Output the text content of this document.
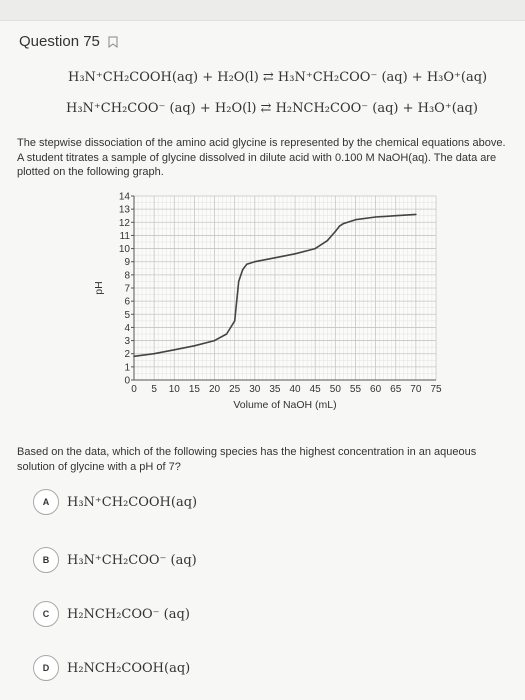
Question 75
H₃N⁺CH₂COOH(aq) + H₂O(l) ⇄ H₃N⁺CH₂COO⁻ (aq) + H₃O⁺(aq)
H₃N⁺CH₂COO⁻ (aq) + H₂O(l) ⇄ H₂NCH₂COO⁻ (aq) + H₃O⁺(aq)
The stepwise dissociation of the amino acid glycine is represented by the chemical equations above. A student titrates a sample of glycine dissolved in dilute acid with 0.100 M NaOH(aq). The data are plotted on the following graph.
0
1
2
3
4
5
6
7
8
9
10
11
12
13
14
0 5 10 15 20 25 30 35 40 45 50 55 60 65 70 75
Volume of NaOH (mL)
pH
Based on the data, which of the following species has the highest concentration in an aqueous solution of glycine with a pH of 7?
A	H₃N⁺CH₂COOH(aq)
B	H₃N⁺CH₂COO⁻ (aq)
C	H₂NCH₂COO⁻ (aq)
D	H₂NCH₂COOH(aq)
